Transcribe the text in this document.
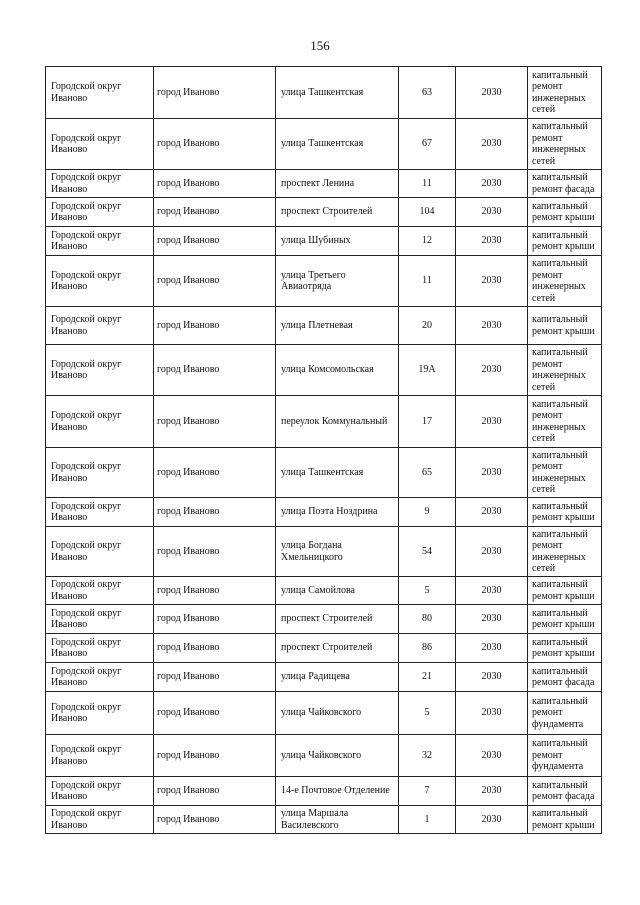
156
Городской округ Иваново	город Иваново	улица Ташкентская	63	2030	капитальный ремонт инженерных сетей
Городской округ Иваново	город Иваново	улица Ташкентская	67	2030	капитальный ремонт инженерных сетей
Городской округ Иваново	город Иваново	проспект Ленина	11	2030	капитальный ремонт фасада
Городской округ Иваново	город Иваново	проспект Строителей	104	2030	капитальный ремонт крыши
Городской округ Иваново	город Иваново	улица Шубиных	12	2030	капитальный ремонт крыши
Городской округ Иваново	город Иваново	улица Третьего Авиаотряда	11	2030	капитальный ремонт инженерных сетей
Городской округ Иваново	город Иваново	улица Плетневая	20	2030	капитальный ремонт крыши
Городской округ Иваново	город Иваново	улица Комсомольская	19А	2030	капитальный ремонт инженерных сетей
Городской округ Иваново	город Иваново	переулок Коммунальный	17	2030	капитальный ремонт инженерных сетей
Городской округ Иваново	город Иваново	улица Ташкентская	65	2030	капитальный ремонт инженерных сетей
Городской округ Иваново	город Иваново	улица Поэта Ноздрина	9	2030	капитальный ремонт крыши
Городской округ Иваново	город Иваново	улица Богдана Хмельницкого	54	2030	капитальный ремонт инженерных сетей
Городской округ Иваново	город Иваново	улица Самойлова	5	2030	капитальный ремонт крыши
Городской округ Иваново	город Иваново	проспект Строителей	80	2030	капитальный ремонт крыши
Городской округ Иваново	город Иваново	проспект Строителей	86	2030	капитальный ремонт крыши
Городской округ Иваново	город Иваново	улица Радищева	21	2030	капитальный ремонт фасада
Городской округ Иваново	город Иваново	улица Чайковского	5	2030	капитальный ремонт фундамента
Городской округ Иваново	город Иваново	улица Чайковского	32	2030	капитальный ремонт фундамента
Городской округ Иваново	город Иваново	14-е Почтовое Отделение	7	2030	капитальный ремонт фасада
Городской округ Иваново	город Иваново	улица Маршала Василевского	1	2030	капитальный ремонт крыши
